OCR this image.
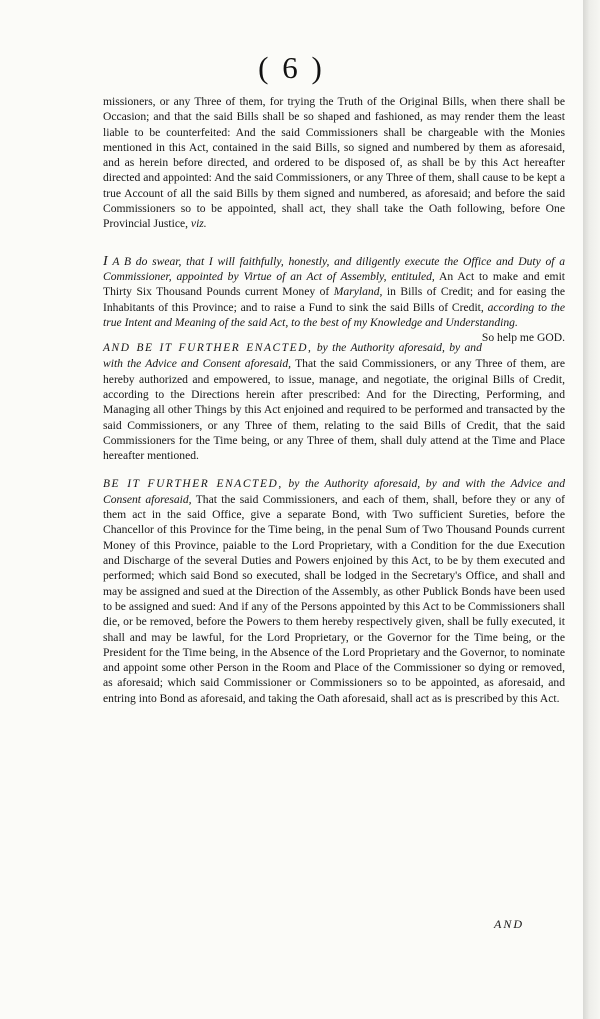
( 6 )

missioners, or any Three of them, for trying the Truth of the Original Bills, when there shall be Occasion; and that the said Bills shall be so shaped and fashioned, as may render them the least liable to be counterfeited: And the said Commissioners shall be chargeable with the Monies mentioned in this Act, contained in the said Bills, so signed and numbered by them as aforesaid, and as herein before directed, and ordered to be disposed of, as shall be by this Act hereafter directed and appointed: And the said Commissioners, or any Three of them, shall cause to be kept a true Account of all the said Bills by them signed and numbered, as aforesaid; and before the said Commissioners so to be appointed, shall act, they shall take the Oath following, before One Provincial Justice, viz.

I A B do swear, that I will faithfully, honestly, and diligently execute the Office and Duty of a Commissioner, appointed by Virtue of an Act of Assembly, entituled, An Act to make and emit Thirty Six Thousand Pounds current Money of Maryland, in Bills of Credit; and for easing the Inhabitants of this Province; and to raise a Fund to sink the said Bills of Credit, according to the true Intent and Meaning of the said Act, to the best of my Knowledge and Understanding.
So help me GOD.

AND BE IT FURTHER ENACTED, by the Authority aforesaid, by and with the Advice and Consent aforesaid, That the said Commissioners, or any Three of them, are hereby authorized and empowered, to issue, manage, and negotiate, the original Bills of Credit, according to the Directions herein after prescribed: And for the Directing, Performing, and Managing all other Things by this Act enjoined and required to be performed and transacted by the said Commissioners, or any Three of them, relating to the said Bills of Credit, that the said Commissioners for the Time being, or any Three of them, shall duly attend at the Time and Place hereafter mentioned.

BE IT FURTHER ENACTED, by the Authority aforesaid, by and with the Advice and Consent aforesaid, That the said Commissioners, and each of them, shall, before they or any of them act in the said Office, give a separate Bond, with Two sufficient Sureties, before the Chancellor of this Province for the Time being, in the penal Sum of Two Thousand Pounds current Money of this Province, paiable to the Lord Proprietary, with a Condition for the due Execution and Discharge of the several Duties and Powers enjoined by this Act, to be by them executed and performed; which said Bond so executed, shall be lodged in the Secretary's Office, and shall and may be assigned and sued at the Direction of the Assembly, as other Publick Bonds have been used to be assigned and sued: And if any of the Persons appointed by this Act to be Commissioners shall die, or be removed, before the Powers to them hereby respectively given, shall be fully executed, it shall and may be lawful, for the Lord Proprietary, or the Governor for the Time being, or the President for the Time being, in the Absence of the Lord Proprietary and the Governor, to nominate and appoint some other Person in the Room and Place of the Commissioner so dying or removed, as aforesaid; which said Commissioner or Commissioners so to be appointed, as aforesaid, and entring into Bond as aforesaid, and taking the Oath aforesaid, shall act as is prescribed by this Act.

AND
